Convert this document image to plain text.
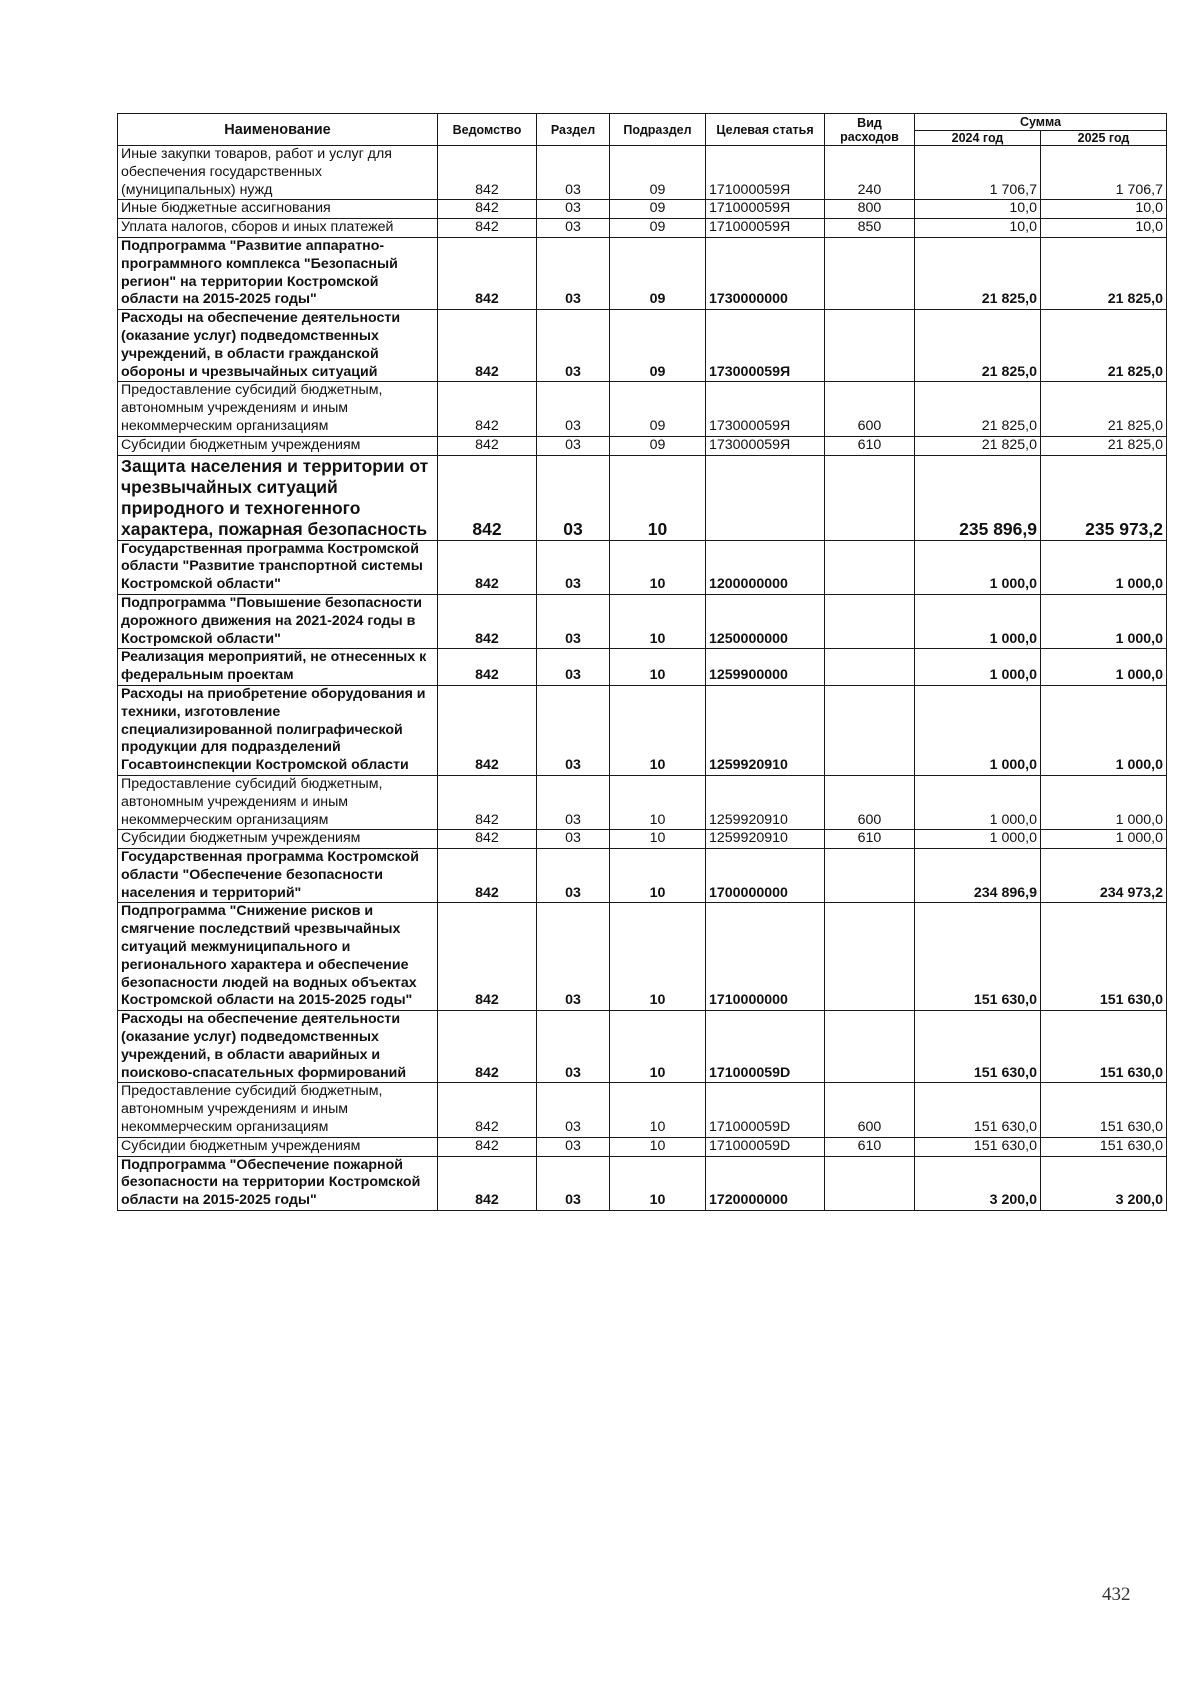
Наименование	Ведомство	Раздел	Подраздел	Целевая статья	Вид расходов	Сумма	
						2024 год	2025 год
Иные закупки товаров, работ и услуг для обеспечения государственных (муниципальных) нужд	842	03	09	171000059Я	240	1 706,7	1 706,7
Иные бюджетные ассигнования	842	03	09	171000059Я	800	10,0	10,0
Уплата налогов, сборов и иных платежей	842	03	09	171000059Я	850	10,0	10,0
Подпрограмма "Развитие аппаратно-программного комплекса "Безопасный регион" на территории Костромской области на 2015-2025 годы"	842	03	09	1730000000		21 825,0	21 825,0
Расходы на обеспечение деятельности (оказание услуг) подведомственных учреждений, в области гражданской обороны и чрезвычайных ситуаций	842	03	09	173000059Я		21 825,0	21 825,0
Предоставление субсидий бюджетным, автономным учреждениям и иным некоммерческим организациям	842	03	09	173000059Я	600	21 825,0	21 825,0
Субсидии бюджетным учреждениям	842	03	09	173000059Я	610	21 825,0	21 825,0
Защита населения и территории от чрезвычайных ситуаций природного и техногенного характера, пожарная безопасность	842	03	10			235 896,9	235 973,2
Государственная программа Костромской области "Развитие транспортной системы Костромской области"	842	03	10	1200000000		1 000,0	1 000,0
Подпрограмма "Повышение безопасности дорожного движения на 2021-2024 годы в Костромской области"	842	03	10	1250000000		1 000,0	1 000,0
Реализация мероприятий, не отнесенных к федеральным проектам	842	03	10	1259900000		1 000,0	1 000,0
Расходы на приобретение оборудования и техники, изготовление специализированной полиграфической продукции для подразделений Госавтоинспекции Костромской области	842	03	10	1259920910		1 000,0	1 000,0
Предоставление субсидий бюджетным, автономным учреждениям и иным некоммерческим организациям	842	03	10	1259920910	600	1 000,0	1 000,0
Субсидии бюджетным учреждениям	842	03	10	1259920910	610	1 000,0	1 000,0
Государственная программа Костромской области "Обеспечение безопасности населения и территорий"	842	03	10	1700000000		234 896,9	234 973,2
Подпрограмма "Снижение рисков и смягчение последствий чрезвычайных ситуаций межмуниципального и регионального характера и обеспечение безопасности людей на водных объектах Костромской области на 2015-2025 годы"	842	03	10	1710000000		151 630,0	151 630,0
Расходы на обеспечение деятельности (оказание услуг) подведомственных учреждений, в области аварийных и поисково-спасательных формирований	842	03	10	171000059D		151 630,0	151 630,0
Предоставление субсидий бюджетным, автономным учреждениям и иным некоммерческим организациям	842	03	10	171000059D	600	151 630,0	151 630,0
Субсидии бюджетным учреждениям	842	03	10	171000059D	610	151 630,0	151 630,0
Подпрограмма "Обеспечение пожарной безопасности на территории Костромской области на 2015-2025 годы"	842	03	10	1720000000		3 200,0	3 200,0
432
